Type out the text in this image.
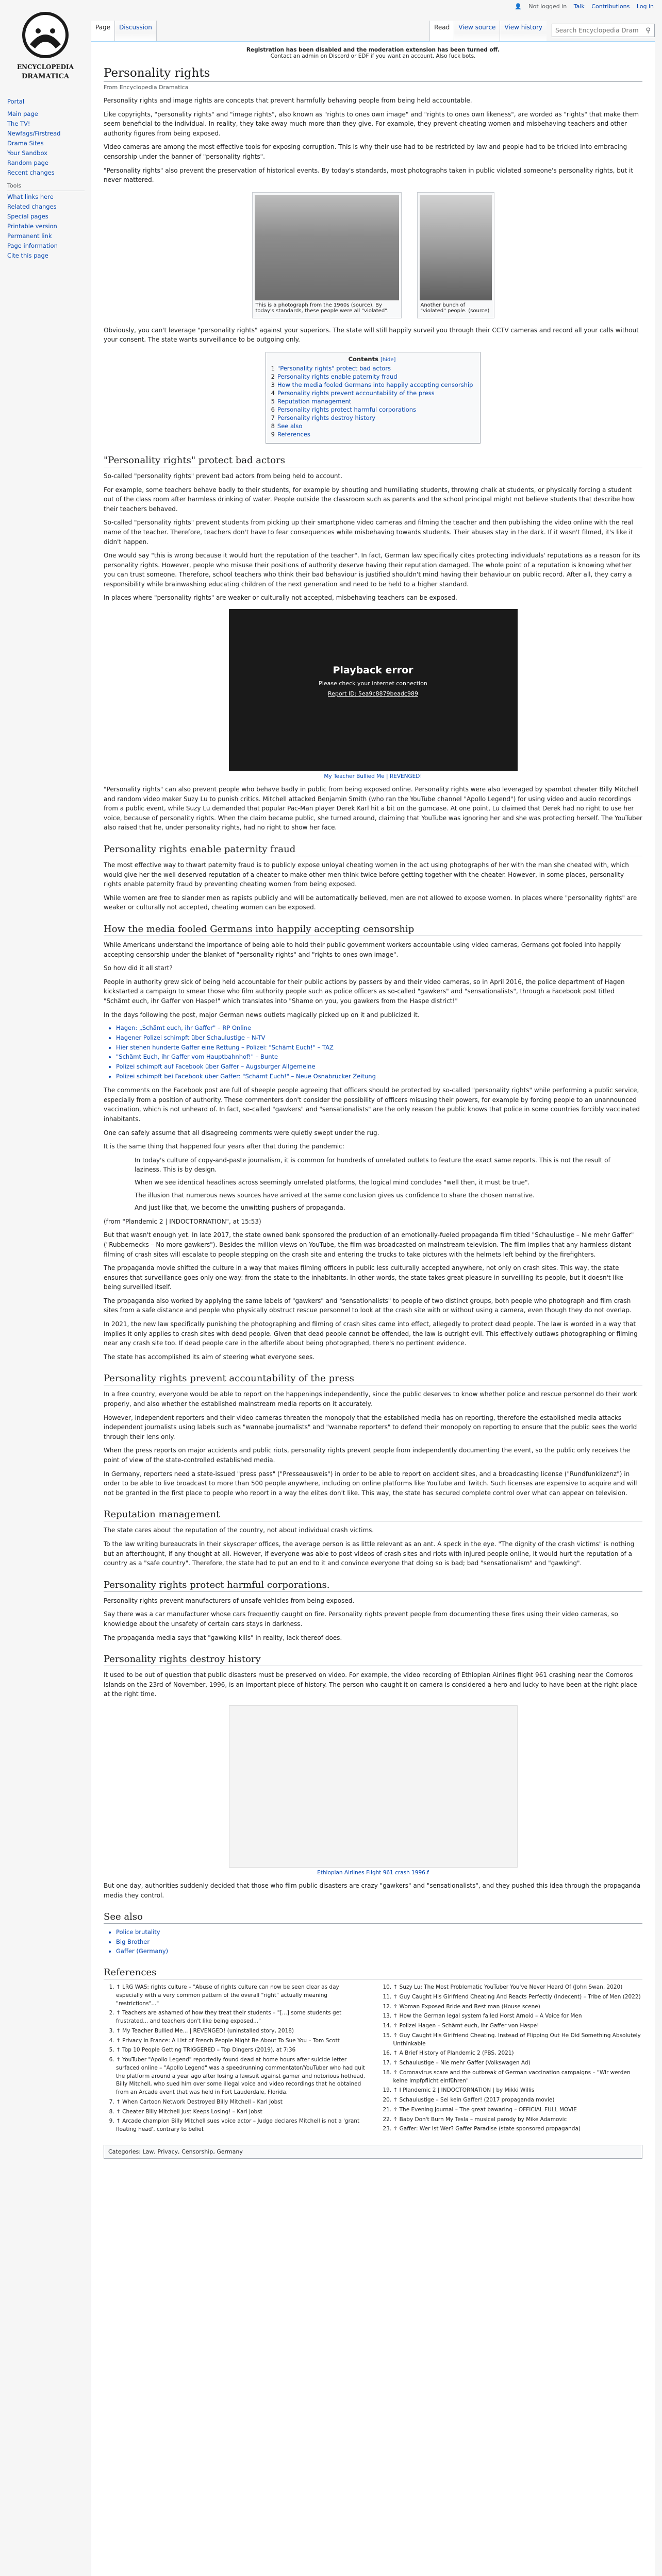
ENCYCLOPEDIA
DRAMATICA
Portal
Main page
The TV!
Newfags/Firstread
Drama Sites
Your Sandbox
Random page
Recent changes
Tools
What links here
Related changes
Special pages
Printable version
Permanent link
Page information
Cite this page
👤 Not logged in Talk Contributions Log in
Page	Discussion	Read	View source	View history
Search Encyclopedia Dramatica	⚲
Registration has been disabled and the moderation extension has been turned off.
Contact an admin on Discord or EDF if you want an account. Also fuck bots.
Personality rights
From Encyclopedia Dramatica

Personality rights and image rights are concepts that prevent harmfully behaving people from being held accountable.

Like copyrights, "personality rights" and "image rights", also known as "rights to ones own image" and "rights to ones own likeness", are worded as "rights" that make them seem beneficial to the individual. In reality, they take away much more than they give. For example, they prevent cheating women and misbehaving teachers and other authority figures from being exposed.

Video cameras are among the most effective tools for exposing corruption. This is why their use had to be restricted by law and people had to be tricked into embracing censorship under the banner of "personality rights".

"Personality rights" also prevent the preservation of historical events. By today's standards, most photographs taken in public violated someone's personality rights, but it never mattered.

This is a photograph from the 1960s (source). By today's standards, these people were all "violated".
Another bunch of "violated" people. (source)

Obviously, you can't leverage "personality rights" against your superiors. The state will still happily surveil you through their CCTV cameras and record all your calls without your consent. The state wants surveillance to be outgoing only.

Contents [hide]
1 "Personality rights" protect bad actors
2 Personality rights enable paternity fraud
3 How the media fooled Germans into happily accepting censorship
4 Personality rights prevent accountability of the press
5 Reputation management
6 Personality rights protect harmful corporations
7 Personality rights destroy history
8 See also
9 References
"Personality rights" protect bad actors

So-called "personality rights" prevent bad actors from being held to account.

For example, some teachers behave badly to their students, for example by shouting and humiliating students, throwing chalk at students, or physically forcing a student out of the class room after harmless drinking of water. People outside the classroom such as parents and the school principal might not believe students that describe how their teachers behaved.

So-called "personality rights" prevent students from picking up their smartphone video cameras and filming the teacher and then publishing the video online with the real name of the teacher. Therefore, teachers don't have to fear consequences while misbehaving towards students. Their abuses stay in the dark. If it wasn't filmed, it's like it didn't happen.

One would say "this is wrong because it would hurt the reputation of the teacher". In fact, German law specifically cites protecting individuals' reputations as a reason for its personality rights. However, people who misuse their positions of authority deserve having their reputation damaged. The whole point of a reputation is knowing whether you can trust someone. Therefore, school teachers who think their bad behaviour is justified shouldn't mind having their behaviour on public record. After all, they carry a responsibility while brainwashing educating children of the next generation and need to be held to a higher standard.

In places where "personality rights" are weaker or culturally not accepted, misbehaving teachers can be exposed.

Playback error
Please check your internet connection
Report ID: 5ea9c8879beadc989
My Teacher Bullied Me | REVENGED!

"Personality rights" can also prevent people who behave badly in public from being exposed online. Personality rights were also leveraged by spambot cheater Billy Mitchell and random video maker Suzy Lu to punish critics. Mitchell attacked Benjamin Smith (who ran the YouTube channel "Apollo Legend") for using video and audio recordings from a public event, while Suzy Lu demanded that popular Pac-Man player Derek Karl hit a bit on the gumcase. At one point, Lu claimed that Derek had no right to use her voice, because of personality rights. When the claim became public, she turned around, claiming that YouTube was ignoring her and she was protecting herself. The YouTuber also raised that he, under personality rights, had no right to show her face.

Personality rights enable paternity fraud

The most effective way to thwart paternity fraud is to publicly expose unloyal cheating women in the act using photographs of her with the man she cheated with, which would give her the well deserved reputation of a cheater to make other men think twice before getting together with the cheater. However, in some places, personality rights enable paternity fraud by preventing cheating women from being exposed.

While women are free to slander men as rapists publicly and will be automatically believed, men are not allowed to expose women. In places where "personality rights" are weaker or culturally not accepted, cheating women can be exposed.

How the media fooled Germans into happily accepting censorship

While Americans understand the importance of being able to hold their public government workers accountable using video cameras, Germans got fooled into happily accepting censorship under the blanket of "personality rights" and "rights to ones own image".

So how did it all start?

People in authority grew sick of being held accountable for their public actions by passers by and their video cameras, so in April 2016, the police department of Hagen kickstarted a campaign to smear those who film authority people such as police officers as so-called "gawkers" and "sensationalists", through a Facebook post titled "Schämt euch, ihr Gaffer von Haspe!" which translates into "Shame on you, you gawkers from the Haspe district!"

In the days following the post, major German news outlets magically picked up on it and publicized it.

• Hagen: „Schämt euch, ihr Gaffer" – RP Online
• Hagener Polizei schimpft über Schaulustige – N-TV
• Hier stehen hunderte Gaffer eine Rettung – Polizei: "Schämt Euch!" – TAZ
• "Schämt Euch, ihr Gaffer vom Hauptbahnhof!" – Bunte
• Polizei schimpft auf Facebook über Gaffer – Augsburger Allgemeine
• Polizei schimpft bei Facebook über Gaffer: "Schämt Euch!" – Neue Osnabrücker Zeitung

The comments on the Facebook post are full of sheeple people agreeing that officers should be protected by so-called "personality rights" while performing a public service, especially from a position of authority. These commenters don't consider the possibility of officers misusing their powers, for example by forcing people to an unannounced vaccination, which is not unheard of. In fact, so-called "gawkers" and "sensationalists" are the only reason the public knows that police in some countries forcibly vaccinated inhabitants.

One can safely assume that all disagreeing comments were quietly swept under the rug.

It is the same thing that happened four years after that during the pandemic:

In today's culture of copy-and-paste journalism, it is common for hundreds of unrelated outlets to feature the exact same reports. This is not the result of laziness. This is by design.

When we see identical headlines across seemingly unrelated platforms, the logical mind concludes "well then, it must be true".

The illusion that numerous news sources have arrived at the same conclusion gives us confidence to share the chosen narrative.

And just like that, we become the unwitting pushers of propaganda.

(from "Plandemic 2 | INDOCTORNATION", at 15:53)

But that wasn't enough yet. In late 2017, the state owned bank sponsored the production of an emotionally-fueled propaganda film titled "Schaulustige – Nie mehr Gaffer" ("Rubbernecks – No more gawkers"). Besides the million views on YouTube, the film was broadcasted on mainstream television. The film implies that any harmless distant filming of crash sites will escalate to people stepping on the crash site and entering the trucks to take pictures with the helmets left behind by the firefighters.

The propaganda movie shifted the culture in a way that makes filming officers in public less culturally accepted anywhere, not only on crash sites. This way, the state ensures that surveillance goes only one way: from the state to the inhabitants. In other words, the state takes great pleasure in surveilling its people, but it doesn't like being surveilled itself.

The propaganda also worked by applying the same labels of "gawkers" and "sensationalists" to people of two distinct groups, both people who photograph and film crash sites from a safe distance and people who physically obstruct rescue personnel to look at the crash site with or without using a camera, even though they do not overlap.

In 2021, the new law specifically punishing the photographing and filming of crash sites came into effect, allegedly to protect dead people. The law is worded in a way that implies it only applies to crash sites with dead people. Given that dead people cannot be offended, the law is outright evil. This effectively outlaws photographing or filming near any crash site too. If dead people care in the afterlife about being photographed, there's no pertinent evidence.

The state has accomplished its aim of steering what everyone sees.

Personality rights prevent accountability of the press

In a free country, everyone would be able to report on the happenings independently, since the public deserves to know whether police and rescue personnel do their work properly, and also whether the established mainstream media reports on it accurately.

However, independent reporters and their video cameras threaten the monopoly that the established media has on reporting, therefore the established media attacks independent journalists using labels such as "wannabe journalists" and "wannabe reporters" to defend their monopoly on reporting to ensure that the public sees the world through their lens only.

When the press reports on major accidents and public riots, personality rights prevent people from independently documenting the event, so the public only receives the point of view of the state-controlled established media.

In Germany, reporters need a state-issued "press pass" ("Presseausweis") in order to be able to report on accident sites, and a broadcasting license ("Rundfunklizenz") in order to be able to live broadcast to more than 500 people anywhere, including on online platforms like YouTube and Twitch. Such licenses are expensive to acquire and will not be granted in the first place to people who report in a way the elites don't like. This way, the state has secured complete control over what can appear on television.

Reputation management

The state cares about the reputation of the country, not about individual crash victims.

To the law writing bureaucrats in their skyscraper offices, the average person is as little relevant as an ant. A speck in the eye. "The dignity of the crash victims" is nothing but an afterthought, if any thought at all. However, if everyone was able to post videos of crash sites and riots with injured people online, it would hurt the reputation of a country as a "safe country". Therefore, the state had to put an end to it and convince everyone that doing so is bad; bad "sensationalism" and "gawking".

Personality rights protect harmful corporations.

Personality rights prevent manufacturers of unsafe vehicles from being exposed.

Say there was a car manufacturer whose cars frequently caught on fire. Personality rights prevent people from documenting these fires using their video cameras, so knowledge about the unsafety of certain cars stays in darkness.

The propaganda media says that "gawking kills" in reality, lack thereof does.

Personality rights destroy history

It used to be out of question that public disasters must be preserved on video. For example, the video recording of Ethiopian Airlines flight 961 crashing near the Comoros Islands on the 23rd of November, 1996, is an important piece of history. The person who caught it on camera is considered a hero and lucky to have been at the right place at the right time.

Ethiopian Airlines Flight 961 crash 1996.f

But one day, authorities suddenly decided that those who film public disasters are crazy "gawkers" and "sensationalists", and they pushed this idea through the propaganda media they control.

See also
• Police brutality
• Big Brother
• Gaffer (Germany)
References
1. ↑ LRG WAS: rights culture – "Abuse of rights culture can now be seen clear as day especially with a very common pattern of the overall "right" actually meaning "restrictions"..."
2. ↑ Teachers are ashamed of how they treat their students – "[...] some students get frustrated... and teachers don't like being exposed..."
3. ↑ My Teacher Bullied Me... | REVENGED! (uninstalled story, 2018)
4. ↑ Privacy in France: A List of French People Might Be About To Sue You – Tom Scott
5. ↑ Top 10 People Getting TRIGGERED – Top Dingers (2019), at 7:36
6. ↑ YouTuber "Apollo Legend" reportedly found dead at home hours after suicide letter surfaced online – "Apollo Legend" was a speedrunning commentator/YouTuber who had quit the platform around a year ago after losing a lawsuit against gamer and notorious hothead, Billy Mitchell, who sued him over some illegal voice and video recordings that he obtained from an Arcade event that was held in Fort Lauderdale, Florida.
7. ↑ When Cartoon Network Destroyed Billy Mitchell – Karl Jobst
8. ↑ Cheater Billy Mitchell Just Keeps Losing! – Karl Jobst
9. ↑ Arcade champion Billy Mitchell sues voice actor – Judge declares Mitchell is not a 'grant floating head', contrary to belief.
10. ↑ Suzy Lu: The Most Problematic YouTuber You've Never Heard Of (John Swan, 2020)
11. ↑ Guy Caught His Girlfriend Cheating And Reacts Perfectly (Indecent) – Tribe of Men (2022)
12. ↑ Woman Exposed Bride and Best man (House scene)
13. ↑ How the German legal system failed Horst Arnold – A Voice for Men
14. ↑ Polizei Hagen – Schämt euch, ihr Gaffer von Haspe!
15. ↑ Guy Caught His Girlfriend Cheating. Instead of Flipping Out He Did Something Absolutely Unthinkable
16. ↑ A Brief History of Plandemic 2 (PBS, 2021)
17. ↑ Schaulustige – Nie mehr Gaffer (Volkswagen Ad)
18. ↑ Coronavirus scare and the outbreak of German vaccination campaigns – "Wir werden keine Impfpflicht einführen"
19. ↑ I Plandemic 2 | INDOCTORNATION | by Mikki Willis
20. ↑ Schaulustige – Sei kein Gaffer! (2017 propaganda movie)
21. ↑ The Evening Journal – The great bawaring – OFFICIAL FULL MOVIE
22. ↑ Baby Don't Burn My Tesla – musical parody by Mike Adamovic
23. ↑ Gaffer: Wer Ist Wer? Gaffer Paradise (state sponsored propaganda)
Categories: Law, Privacy, Censorship, Germany
